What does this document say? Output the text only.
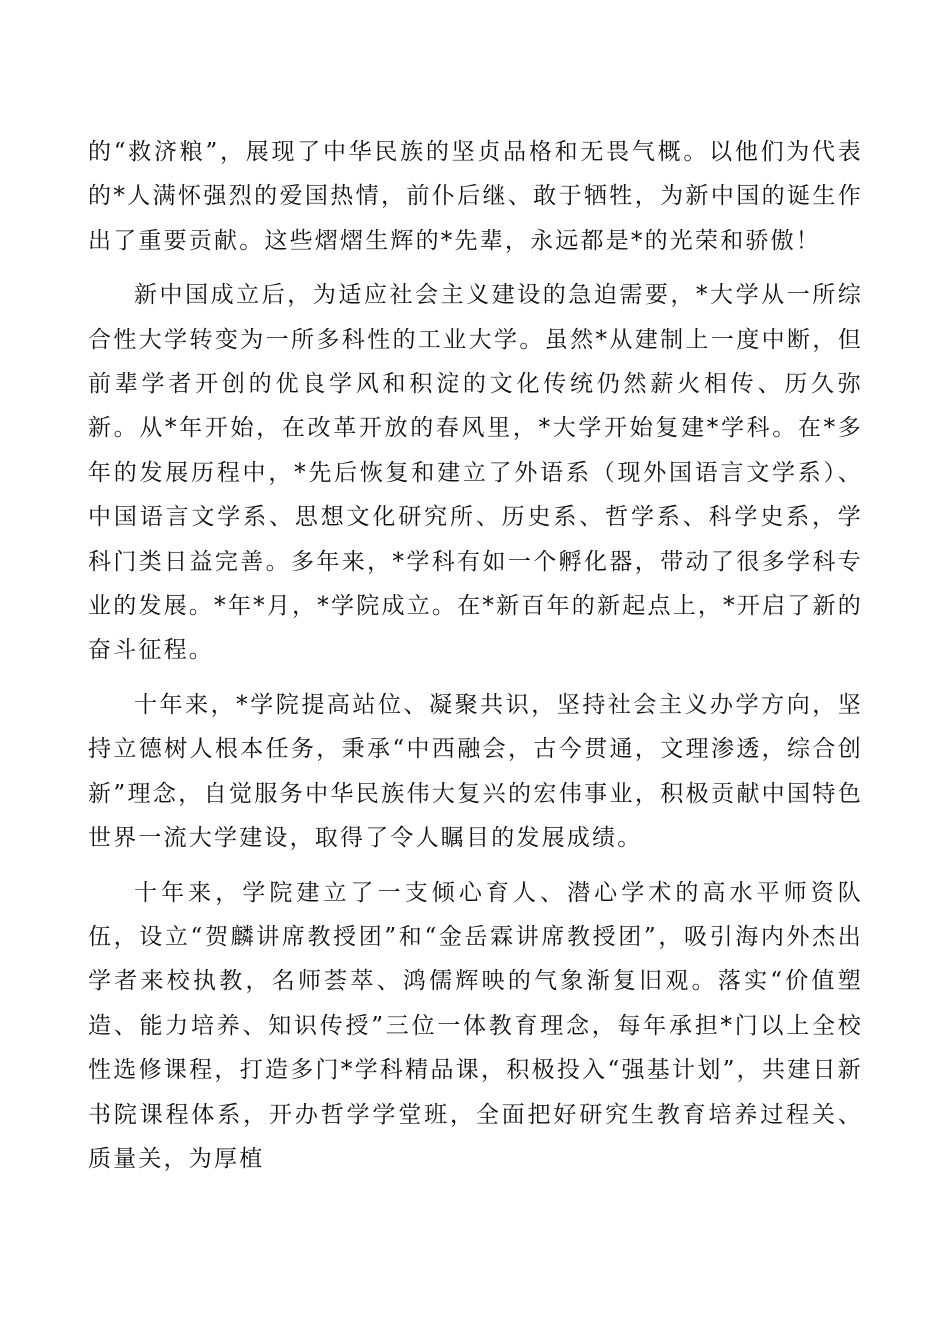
的“救济粮”，展现了中华民族的坚贞品格和无畏气概。以他们为代表的*人满怀强烈的爱国热情，前仆后继、敢于牺牲，为新中国的诞生作出了重要贡献。这些熠熠生辉的*先辈，永远都是*的光荣和骄傲！

新中国成立后，为适应社会主义建设的急迫需要，*大学从一所综合性大学转变为一所多科性的工业大学。虽然*从建制上一度中断，但前辈学者开创的优良学风和积淀的文化传统仍然薪火相传、历久弥新。从*年开始，在改革开放的春风里，*大学开始复建*学科。在*多年的发展历程中，*先后恢复和建立了外语系（现外国语言文学系）、中国语言文学系、思想文化研究所、历史系、哲学系、科学史系，学科门类日益完善。多年来，*学科有如一个孵化器，带动了很多学科专业的发展。*年*月，*学院成立。在*新百年的新起点上，*开启了新的奋斗征程。

十年来，*学院提高站位、凝聚共识，坚持社会主义办学方向，坚持立德树人根本任务，秉承“中西融会，古今贯通，文理渗透，综合创新”理念，自觉服务中华民族伟大复兴的宏伟事业，积极贡献中国特色世界一流大学建设，取得了令人瞩目的发展成绩。

十年来，学院建立了一支倾心育人、潜心学术的高水平师资队伍，设立“贺麟讲席教授团”和“金岳霖讲席教授团”，吸引海内外杰出学者来校执教，名师荟萃、鸿儒辉映的气象渐复旧观。落实“价值塑造、能力培养、知识传授”三位一体教育理念，每年承担*门以上全校性选修课程，打造多门*学科精品课，积极投入“强基计划”，共建日新书院课程体系，开办哲学学堂班，全面把好研究生教育培养过程关、质量关，为厚植
